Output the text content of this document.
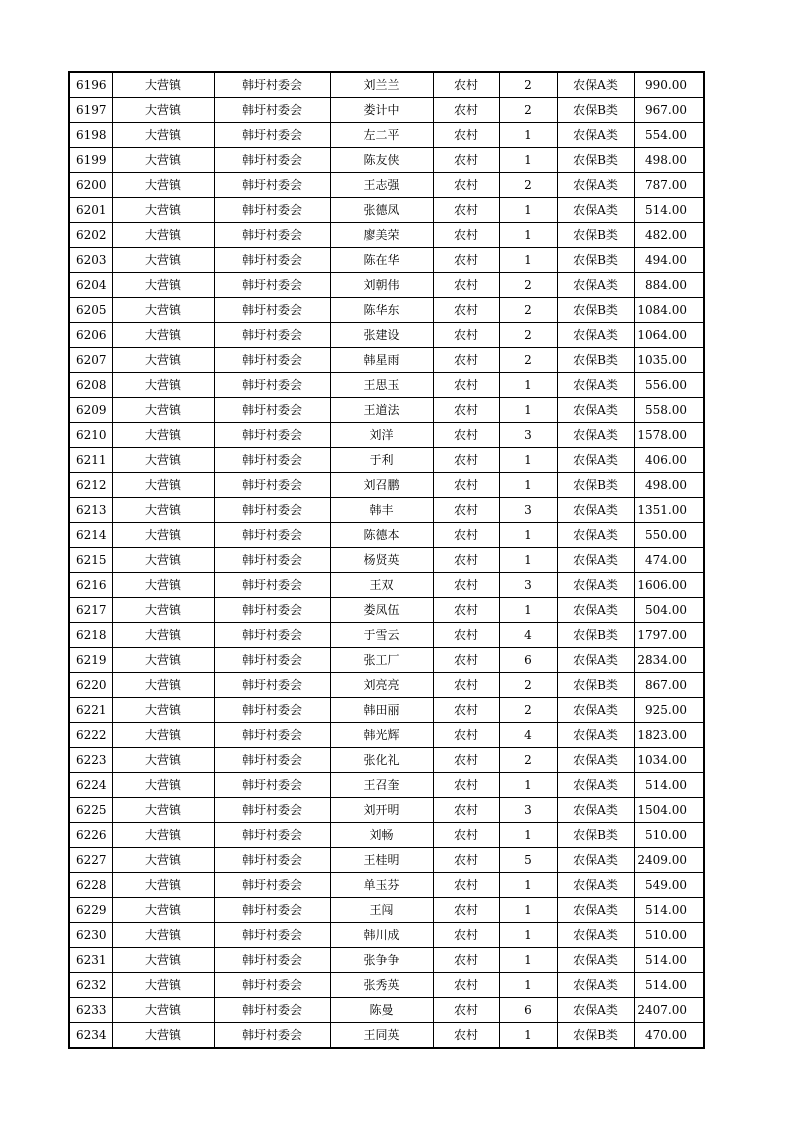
6196	大营镇	韩圩村委会	刘兰兰	农村	2	农保A类	990.00
6197	大营镇	韩圩村委会	娄计中	农村	2	农保B类	967.00
6198	大营镇	韩圩村委会	左二平	农村	1	农保A类	554.00
6199	大营镇	韩圩村委会	陈友侠	农村	1	农保B类	498.00
6200	大营镇	韩圩村委会	王志强	农村	2	农保A类	787.00
6201	大营镇	韩圩村委会	张德凤	农村	1	农保A类	514.00
6202	大营镇	韩圩村委会	廖美荣	农村	1	农保B类	482.00
6203	大营镇	韩圩村委会	陈在华	农村	1	农保B类	494.00
6204	大营镇	韩圩村委会	刘朝伟	农村	2	农保A类	884.00
6205	大营镇	韩圩村委会	陈华东	农村	2	农保B类	1084.00
6206	大营镇	韩圩村委会	张建设	农村	2	农保A类	1064.00
6207	大营镇	韩圩村委会	韩星雨	农村	2	农保B类	1035.00
6208	大营镇	韩圩村委会	王思玉	农村	1	农保A类	556.00
6209	大营镇	韩圩村委会	王道法	农村	1	农保A类	558.00
6210	大营镇	韩圩村委会	刘洋	农村	3	农保A类	1578.00
6211	大营镇	韩圩村委会	于利	农村	1	农保A类	406.00
6212	大营镇	韩圩村委会	刘召鹏	农村	1	农保B类	498.00
6213	大营镇	韩圩村委会	韩丰	农村	3	农保A类	1351.00
6214	大营镇	韩圩村委会	陈德本	农村	1	农保A类	550.00
6215	大营镇	韩圩村委会	杨贤英	农村	1	农保A类	474.00
6216	大营镇	韩圩村委会	王双	农村	3	农保A类	1606.00
6217	大营镇	韩圩村委会	娄凤伍	农村	1	农保A类	504.00
6218	大营镇	韩圩村委会	于雪云	农村	4	农保B类	1797.00
6219	大营镇	韩圩村委会	张工厂	农村	6	农保A类	2834.00
6220	大营镇	韩圩村委会	刘亮亮	农村	2	农保B类	867.00
6221	大营镇	韩圩村委会	韩田丽	农村	2	农保A类	925.00
6222	大营镇	韩圩村委会	韩光辉	农村	4	农保A类	1823.00
6223	大营镇	韩圩村委会	张化礼	农村	2	农保A类	1034.00
6224	大营镇	韩圩村委会	王召奎	农村	1	农保A类	514.00
6225	大营镇	韩圩村委会	刘开明	农村	3	农保A类	1504.00
6226	大营镇	韩圩村委会	刘畅	农村	1	农保B类	510.00
6227	大营镇	韩圩村委会	王桂明	农村	5	农保A类	2409.00
6228	大营镇	韩圩村委会	单玉芬	农村	1	农保A类	549.00
6229	大营镇	韩圩村委会	王闯	农村	1	农保A类	514.00
6230	大营镇	韩圩村委会	韩川成	农村	1	农保A类	510.00
6231	大营镇	韩圩村委会	张争争	农村	1	农保A类	514.00
6232	大营镇	韩圩村委会	张秀英	农村	1	农保A类	514.00
6233	大营镇	韩圩村委会	陈曼	农村	6	农保A类	2407.00
6234	大营镇	韩圩村委会	王同英	农村	1	农保B类	470.00
